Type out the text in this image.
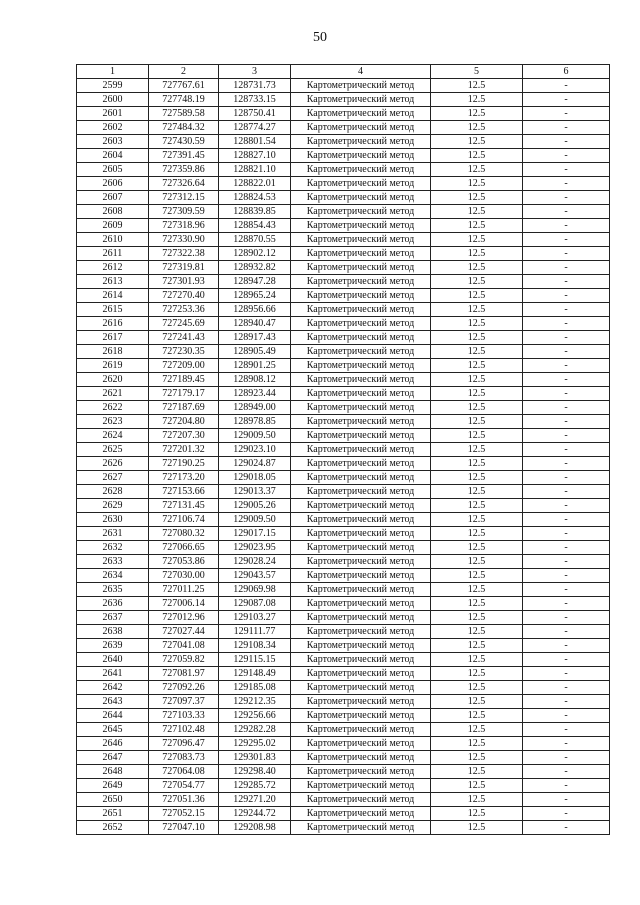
50
1	2	3	4	5	6
2599	727767.61	128731.73	Картометрический метод	12.5	-
2600	727748.19	128733.15	Картометрический метод	12.5	-
2601	727589.58	128750.41	Картометрический метод	12.5	-
2602	727484.32	128774.27	Картометрический метод	12.5	-
2603	727430.59	128801.54	Картометрический метод	12.5	-
2604	727391.45	128827.10	Картометрический метод	12.5	-
2605	727359.86	128821.10	Картометрический метод	12.5	-
2606	727326.64	128822.01	Картометрический метод	12.5	-
2607	727312.15	128824.53	Картометрический метод	12.5	-
2608	727309.59	128839.85	Картометрический метод	12.5	-
2609	727318.96	128854.43	Картометрический метод	12.5	-
2610	727330.90	128870.55	Картометрический метод	12.5	-
2611	727322.38	128902.12	Картометрический метод	12.5	-
2612	727319.81	128932.82	Картометрический метод	12.5	-
2613	727301.93	128947.28	Картометрический метод	12.5	-
2614	727270.40	128965.24	Картометрический метод	12.5	-
2615	727253.36	128956.66	Картометрический метод	12.5	-
2616	727245.69	128940.47	Картометрический метод	12.5	-
2617	727241.43	128917.43	Картометрический метод	12.5	-
2618	727230.35	128905.49	Картометрический метод	12.5	-
2619	727209.00	128901.25	Картометрический метод	12.5	-
2620	727189.45	128908.12	Картометрический метод	12.5	-
2621	727179.17	128923.44	Картометрический метод	12.5	-
2622	727187.69	128949.00	Картометрический метод	12.5	-
2623	727204.80	128978.85	Картометрический метод	12.5	-
2624	727207.30	129009.50	Картометрический метод	12.5	-
2625	727201.32	129023.10	Картометрический метод	12.5	-
2626	727190.25	129024.87	Картометрический метод	12.5	-
2627	727173.20	129018.05	Картометрический метод	12.5	-
2628	727153.66	129013.37	Картометрический метод	12.5	-
2629	727131.45	129005.26	Картометрический метод	12.5	-
2630	727106.74	129009.50	Картометрический метод	12.5	-
2631	727080.32	129017.15	Картометрический метод	12.5	-
2632	727066.65	129023.95	Картометрический метод	12.5	-
2633	727053.86	129028.24	Картометрический метод	12.5	-
2634	727030.00	129043.57	Картометрический метод	12.5	-
2635	727011.25	129069.98	Картометрический метод	12.5	-
2636	727006.14	129087.08	Картометрический метод	12.5	-
2637	727012.96	129103.27	Картометрический метод	12.5	-
2638	727027.44	129111.77	Картометрический метод	12.5	-
2639	727041.08	129108.34	Картометрический метод	12.5	-
2640	727059.82	129115.15	Картометрический метод	12.5	-
2641	727081.97	129148.49	Картометрический метод	12.5	-
2642	727092.26	129185.08	Картометрический метод	12.5	-
2643	727097.37	129212.35	Картометрический метод	12.5	-
2644	727103.33	129256.66	Картометрический метод	12.5	-
2645	727102.48	129282.28	Картометрический метод	12.5	-
2646	727096.47	129295.02	Картометрический метод	12.5	-
2647	727083.73	129301.83	Картометрический метод	12.5	-
2648	727064.08	129298.40	Картометрический метод	12.5	-
2649	727054.77	129285.72	Картометрический метод	12.5	-
2650	727051.36	129271.20	Картометрический метод	12.5	-
2651	727052.15	129244.72	Картометрический метод	12.5	-
2652	727047.10	129208.98	Картометрический метод	12.5	-
